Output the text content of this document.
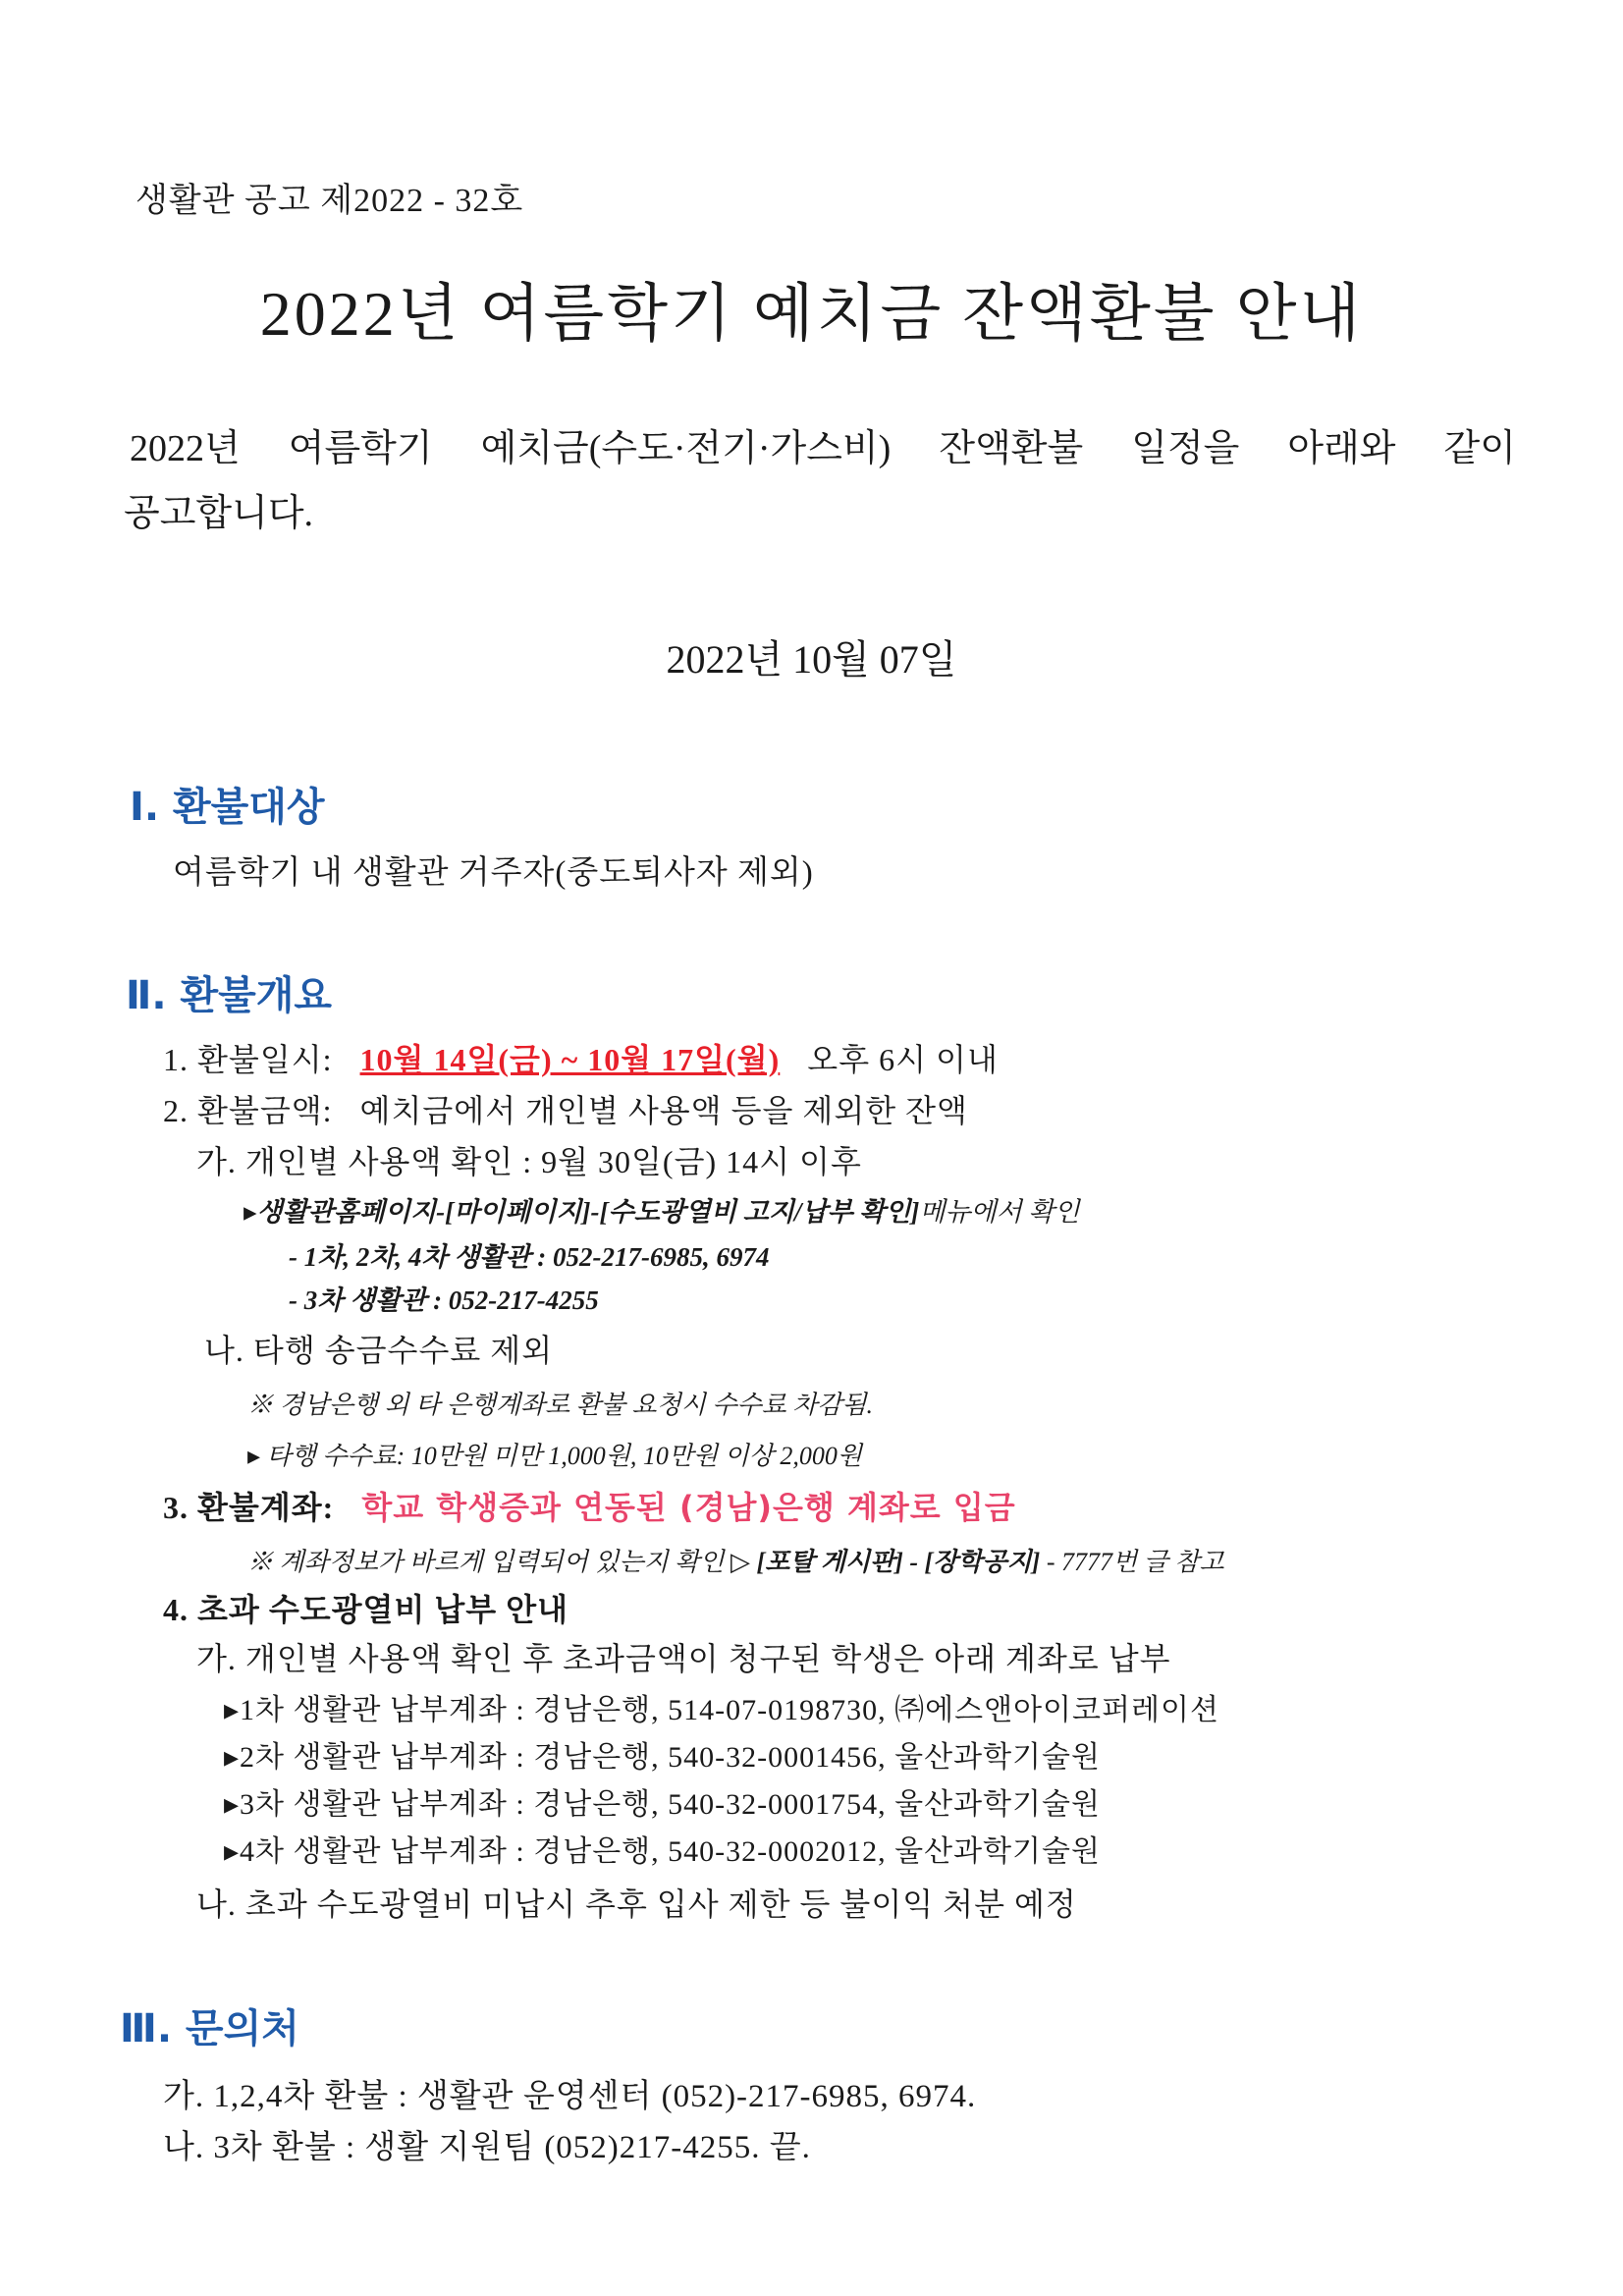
생활관 공고 제2022 - 32호
2022년 여름학기 예치금 잔액환불 안내
2022년 여름학기 예치금(수도·전기·가스비) 잔액환불 일정을 아래와 같이
공고합니다.
2022년 10월 07일
Ⅰ. 환불대상
여름학기 내 생활관 거주자(중도퇴사자 제외)
Ⅱ. 환불개요
1. 환불일시: 10월 14일(금) ~ 10월 17일(월) 오후 6시 이내
2. 환불금액: 예치금에서 개인별 사용액 등을 제외한 잔액
가. 개인별 사용액 확인 : 9월 30일(금) 14시 이후
▸생활관홈페이지-[마이페이지]-[수도광열비 고지/납부 확인]메뉴에서 확인
- 1차, 2차, 4차 생활관 : 052-217-6985, 6974
- 3차 생활관 : 052-217-4255
나. 타행 송금수수료 제외
※ 경남은행 외 타 은행계좌로 환불 요청시 수수료 차감됨.
▸ 타행 수수료: 10만원 미만 1,000원, 10만원 이상 2,000원
3. 환불계좌: 학교 학생증과 연동된 (경남)은행 계좌로 입금
※ 계좌정보가 바르게 입력되어 있는지 확인 ▷ [포탈 게시판] - [장학공지] - 7777번 글 참고
4. 초과 수도광열비 납부 안내
가. 개인별 사용액 확인 후 초과금액이 청구된 학생은 아래 계좌로 납부
▸1차 생활관 납부계좌 : 경남은행, 514-07-0198730, ㈜에스앤아이코퍼레이션
▸2차 생활관 납부계좌 : 경남은행, 540-32-0001456, 울산과학기술원
▸3차 생활관 납부계좌 : 경남은행, 540-32-0001754, 울산과학기술원
▸4차 생활관 납부계좌 : 경남은행, 540-32-0002012, 울산과학기술원
나. 초과 수도광열비 미납시 추후 입사 제한 등 불이익 처분 예정
Ⅲ. 문의처
가. 1,2,4차 환불 : 생활관 운영센터 (052)-217-6985, 6974.
나. 3차 환불 : 생활 지원팀 (052)217-4255. 끝.
